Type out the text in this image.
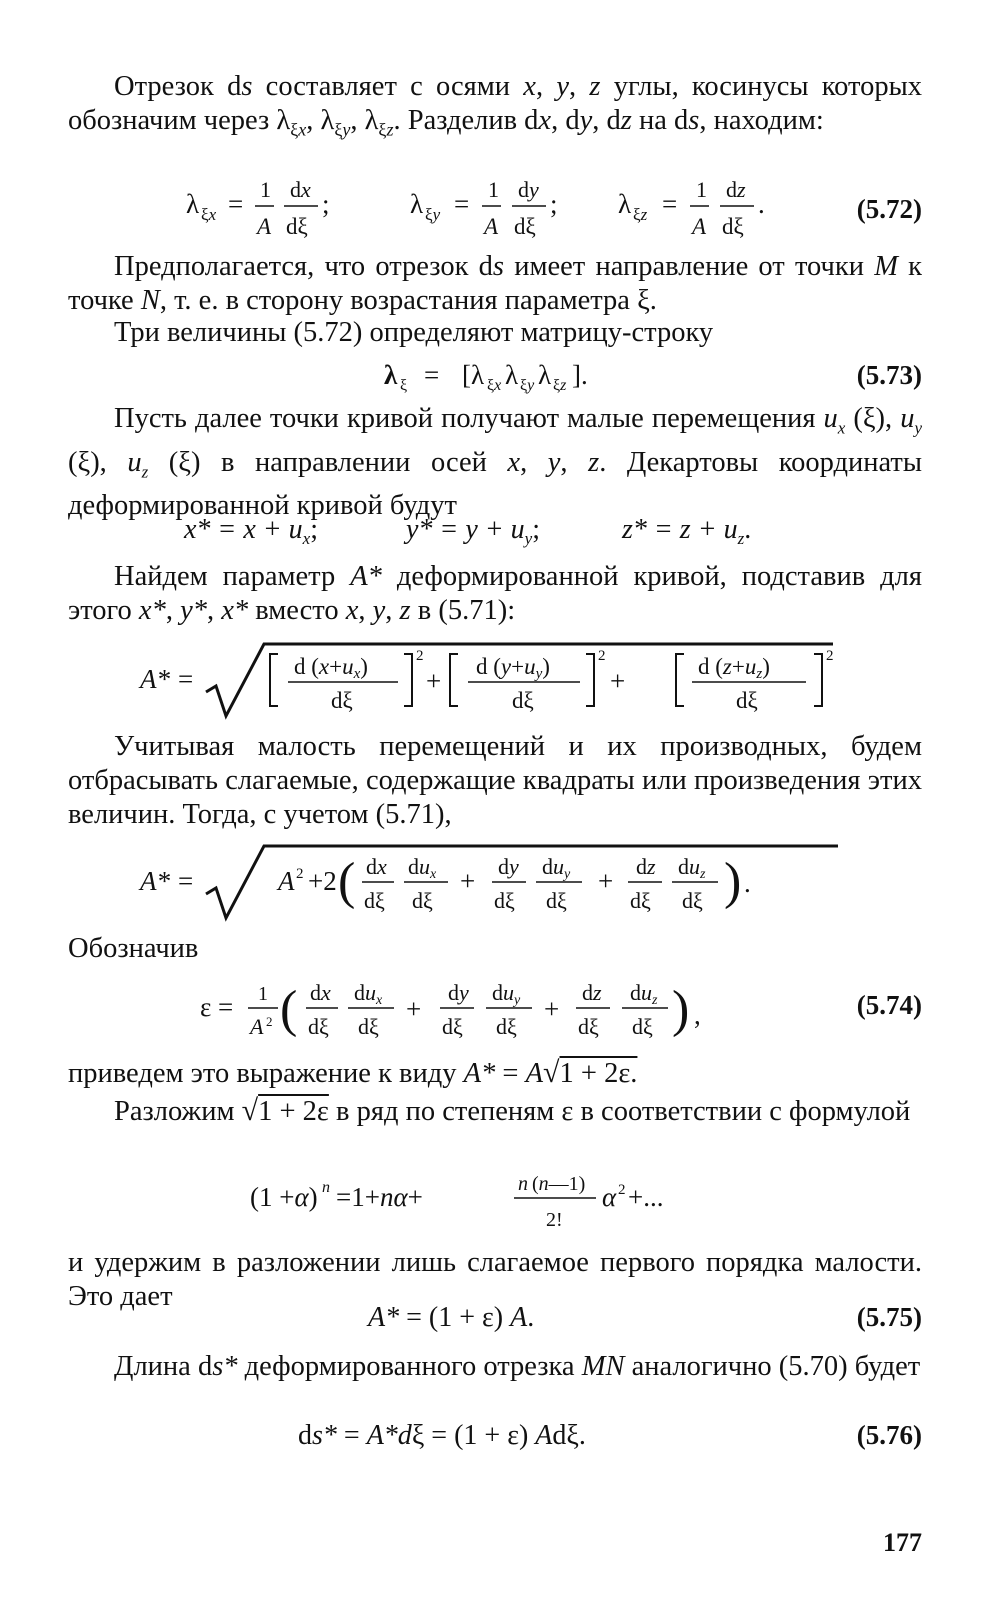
Отрезок ds составляет с осями x, y, z углы, косинусы которых обозначим через $\lambda_{\xi x}$, $\lambda_{\xi y}$, $\lambda_{\xi z}$. Разделив dx, dy, dz на ds, находим:
λ ξx = 1
A
dx
dξ
;	λ ξy = 1
A
dy
dξ
; λ ξz = 1
A
dz
dξ
.	(5.72)
Предполагается, что отрезок ds имеет направление от точки M к точке N, т. е. в сторону возрастания параметра ξ.
Три величины (5.72) определяют матрицу-строку
λ ξ = [λ ξx λ ξy λ ξz ].	(5.73)
Пусть далее точки кривой получают малые перемещения $u_x$ (ξ), $u_y$ (ξ), $u_z$ (ξ) в направлении осей x, y, z. Декартовы координаты деформированной кривой будут
$x* = x + u_x$;	$y* = y + u_y$;	$z* = z + u_z$.
Найдем параметр A* деформированной кривой, подставив для этого x*, y*, x* вместо x, y, z в (5.71):
A* =	d (x+ux)
dξ
2
+ d (y+uy)
dξ
2
+	d (z+uz)
dξ
2
Учитывая малость перемещений и их производных, будем отбрасывать слагаемые, содержащие квадраты или произведения этих величин. Тогда, с учетом (5.71),
A* =	A 2 +2 ( dx
dξ
dux
dξ
+ dy
dξ
duy
dξ
+ dz
dξ
duz
dξ ) .
Обозначив
ε = 1
A 2 ( dx
dξ
dux
dξ
+
dy
dξ
duy
dξ
+
dz
dξ
duz
dξ ) ,	(5.74)
приведем это выражение к виду A* = A√1 + 2ε.
Разложим √1 + 2ε в ряд по степеням ε в соответствии с формулой
(1 +α) n =1+nα+	n (n—1)
2!
α 2 +...
и удержим в разложении лишь слагаемое первого порядка малости. Это дает
A* = (1 + ε) A.	(5.75)
Длина ds* деформированного отрезка MN аналогично (5.70) будет
ds* = A*dξ = (1 + ε) Adξ.	(5.76)
177
